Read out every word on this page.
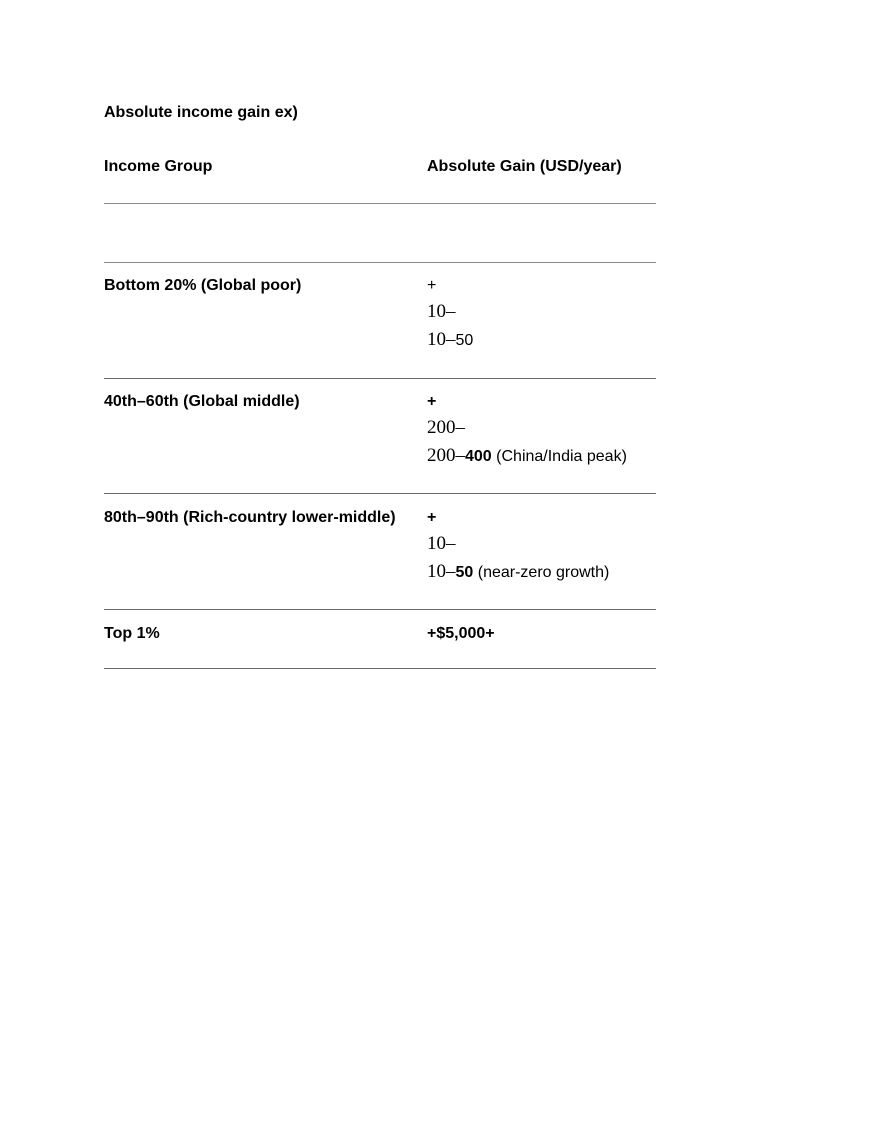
Absolute income gain ex)
Income Group	Absolute Gain (USD/year)
Bottom 20% (Global poor)	+
10–
10–50
40th–60th (Global middle)	+
200–
200–400 (China/India peak)
80th–90th (Rich-country lower-middle) +
10–
10–50 (near-zero growth)
Top 1%	+$5,000+
